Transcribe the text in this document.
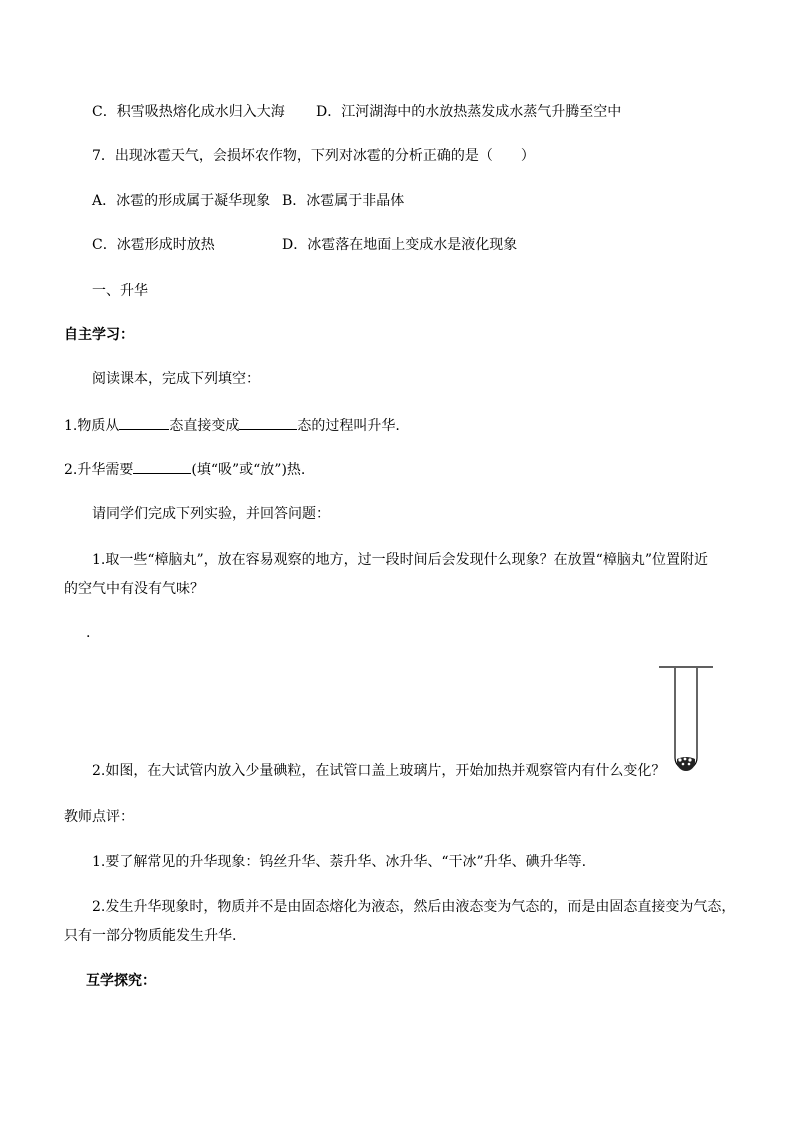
C．积雪吸热熔化成水归入大海 D．江河湖海中的水放热蒸发成水蒸气升腾至空中
7．出现冰雹天气，会损坏农作物，下列对冰雹的分析正确的是（　　）
A．冰雹的形成属于凝华现象 B．冰雹属于非晶体
C．冰雹形成时放热	D．冰雹落在地面上变成水是液化现象
一、升华
自主学习：
阅读课本，完成下列填空：
1.物质从	态直接变成	态的过程叫升华.
2.升华需要	(填“吸”或“放”)热.
请同学们完成下列实验，并回答问题：
1.取一些“樟脑丸”，放在容易观察的地方，过一段时间后会发现什么现象？在放置“樟脑丸”位置附近
的空气中有没有气味？
.
2.如图，在大试管内放入少量碘粒，在试管口盖上玻璃片，开始加热并观察管内有什么变化？
教师点评：
1.要了解常见的升华现象：钨丝升华、萘升华、冰升华、“干冰”升华、碘升华等.
2.发生升华现象时，物质并不是由固态熔化为液态，然后由液态变为气态的，而是由固态直接变为气态，
只有一部分物质能发生升华.
互学探究：
